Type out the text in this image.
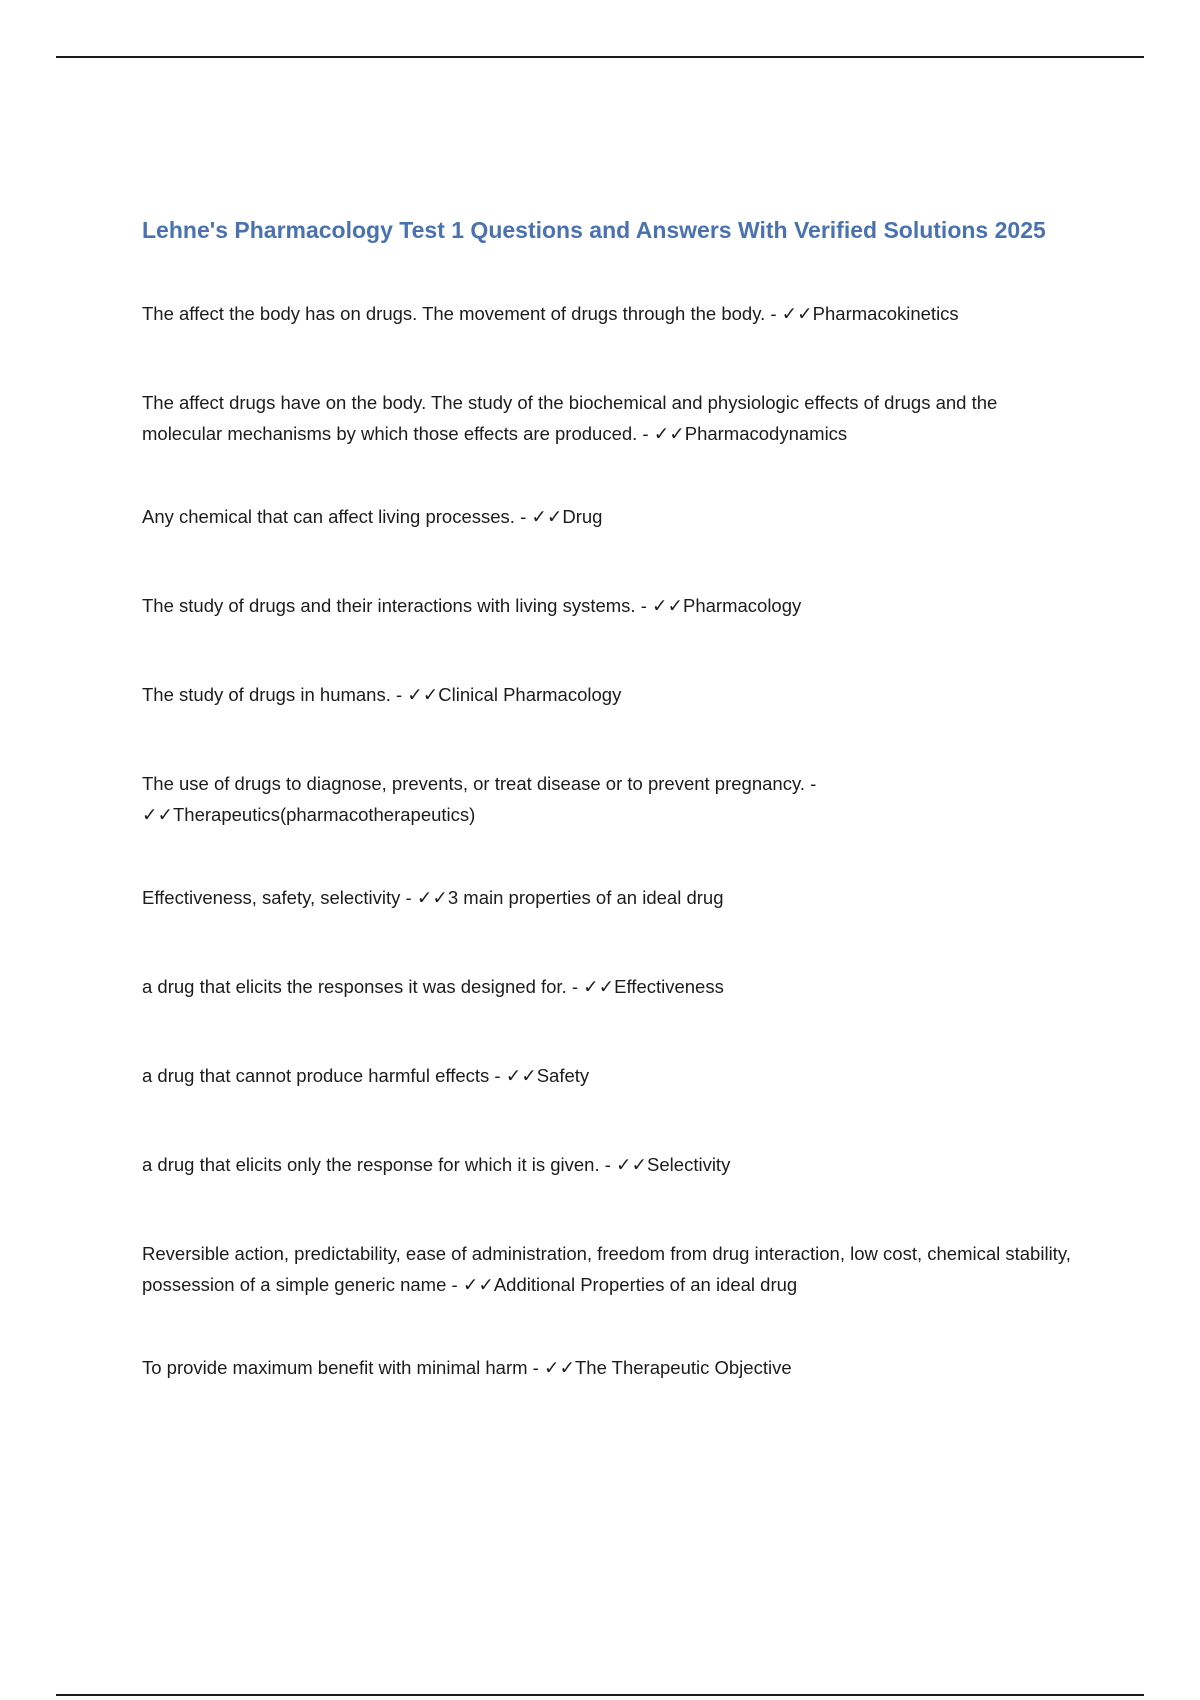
Lehne's Pharmacology Test 1 Questions and Answers With Verified Solutions 2025
The affect the body has on drugs. The movement of drugs through the body. - ✓✓Pharmacokinetics
The affect drugs have on the body. The study of the biochemical and physiologic effects of drugs and the molecular mechanisms by which those effects are produced. - ✓✓Pharmacodynamics
Any chemical that can affect living processes. - ✓✓Drug
The study of drugs and their interactions with living systems. - ✓✓Pharmacology
The study of drugs in humans. - ✓✓Clinical Pharmacology
The use of drugs to diagnose, prevents, or treat disease or to prevent pregnancy. - ✓✓Therapeutics(pharmacotherapeutics)
Effectiveness, safety, selectivity - ✓✓3 main properties of an ideal drug
a drug that elicits the responses it was designed for. - ✓✓Effectiveness
a drug that cannot produce harmful effects - ✓✓Safety
a drug that elicits only the response for which it is given. - ✓✓Selectivity
Reversible action, predictability, ease of administration, freedom from drug interaction, low cost, chemical stability, possession of a simple generic name - ✓✓Additional Properties of an ideal drug
To provide maximum benefit with minimal harm - ✓✓The Therapeutic Objective
